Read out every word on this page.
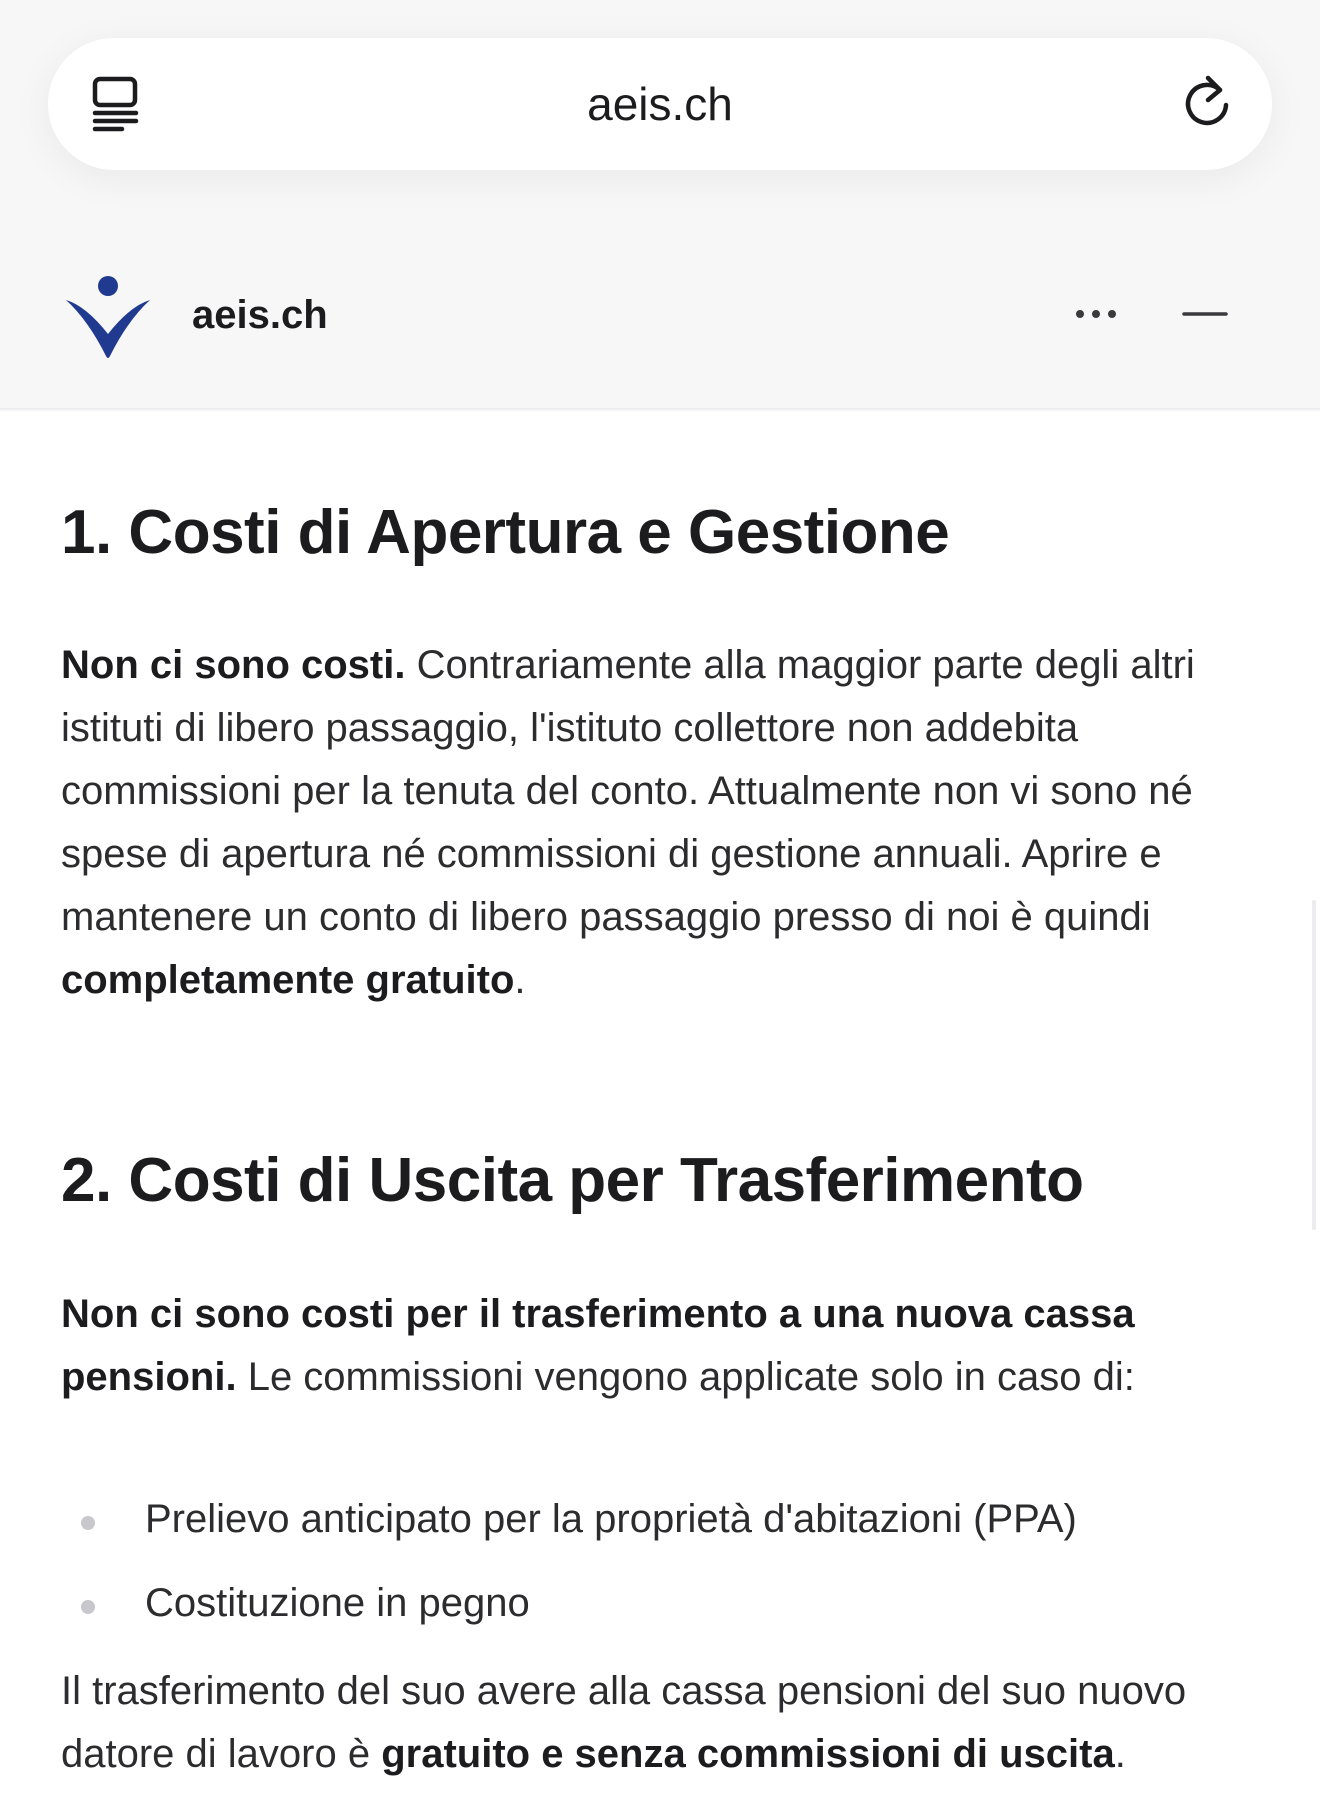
aeis.ch
aeis.ch
1. Costi di Apertura e Gestione

Non ci sono costi. Contrariamente alla maggior parte degli altri istituti di libero passaggio, l'istituto collettore non addebita commissioni per la tenuta del conto. Attualmente non vi sono né spese di apertura né commissioni di gestione annuali. Aprire e mantenere un conto di libero passaggio presso di noi è quindi completamente gratuito.

2. Costi di Uscita per Trasferimento

Non ci sono costi per il trasferimento a una nuova cassa pensioni. Le commissioni vengono applicate solo in caso di:

Prelievo anticipato per la proprietà d'abitazioni (PPA)
Costituzione in pegno

Il trasferimento del suo avere alla cassa pensioni del suo nuovo datore di lavoro è gratuito e senza commissioni di uscita.
